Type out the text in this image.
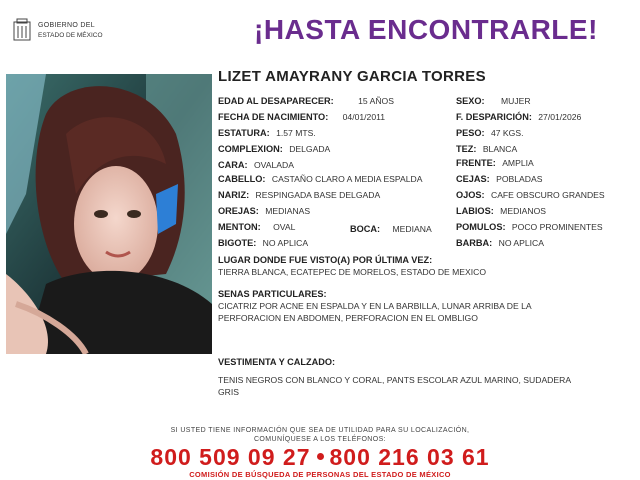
GOBIERNO DEL
ESTADO DE MÉXICO	¡HASTA ENCONTRARLE!
LIZET AMAYRANY GARCIA TORRES
EDAD AL DESAPARECER:	15 AÑOS
FECHA DE NACIMIENTO: 04/01/2011
ESTATURA: 1.57 MTS.
COMPLEXION: DELGADA
CARA: OVALADA
CABELLO: CASTAÑO CLARO A MEDIA ESPALDA
NARIZ: RESPINGADA BASE DELGADA
OREJAS: MEDIANAS
MENTON: OVAL
BIGOTE: NO APLICA
BOCA: MEDIANA
SEXO: MUJER
F. DESPARICIÓN: 27/01/2026
PESO: 47 KGS.
TEZ: BLANCA
FRENTE: AMPLIA
CEJAS: POBLADAS
OJOS: CAFE OBSCURO GRANDES
LABIOS: MEDIANOS
POMULOS: POCO PROMINENTES
BARBA: NO APLICA
LUGAR DONDE FUE VISTO(A) POR ÚLTIMA VEZ:
TIERRA BLANCA, ECATEPEC DE MORELOS, ESTADO DE MEXICO
SENAS PARTICULARES:
CICATRIZ POR ACNE EN ESPALDA Y EN LA BARBILLA, LUNAR ARRIBA DE LA
PERFORACION EN ABDOMEN, PERFORACION EN EL OMBLIGO
VESTIMENTA Y CALZADO:
TENIS NEGROS CON BLANCO Y CORAL, PANTS ESCOLAR AZUL MARINO, SUDADERA
GRIS
SI USTED TIENE INFORMACIÓN QUE SEA DE UTILIDAD PARA SU LOCALIZACIÓN,
COMUNÍQUESE A LOS TELÉFONOS:
800 509 09 27 800 216 03 61
COMISIÓN DE BÚSQUEDA DE PERSONAS DEL ESTADO DE MÉXICO
